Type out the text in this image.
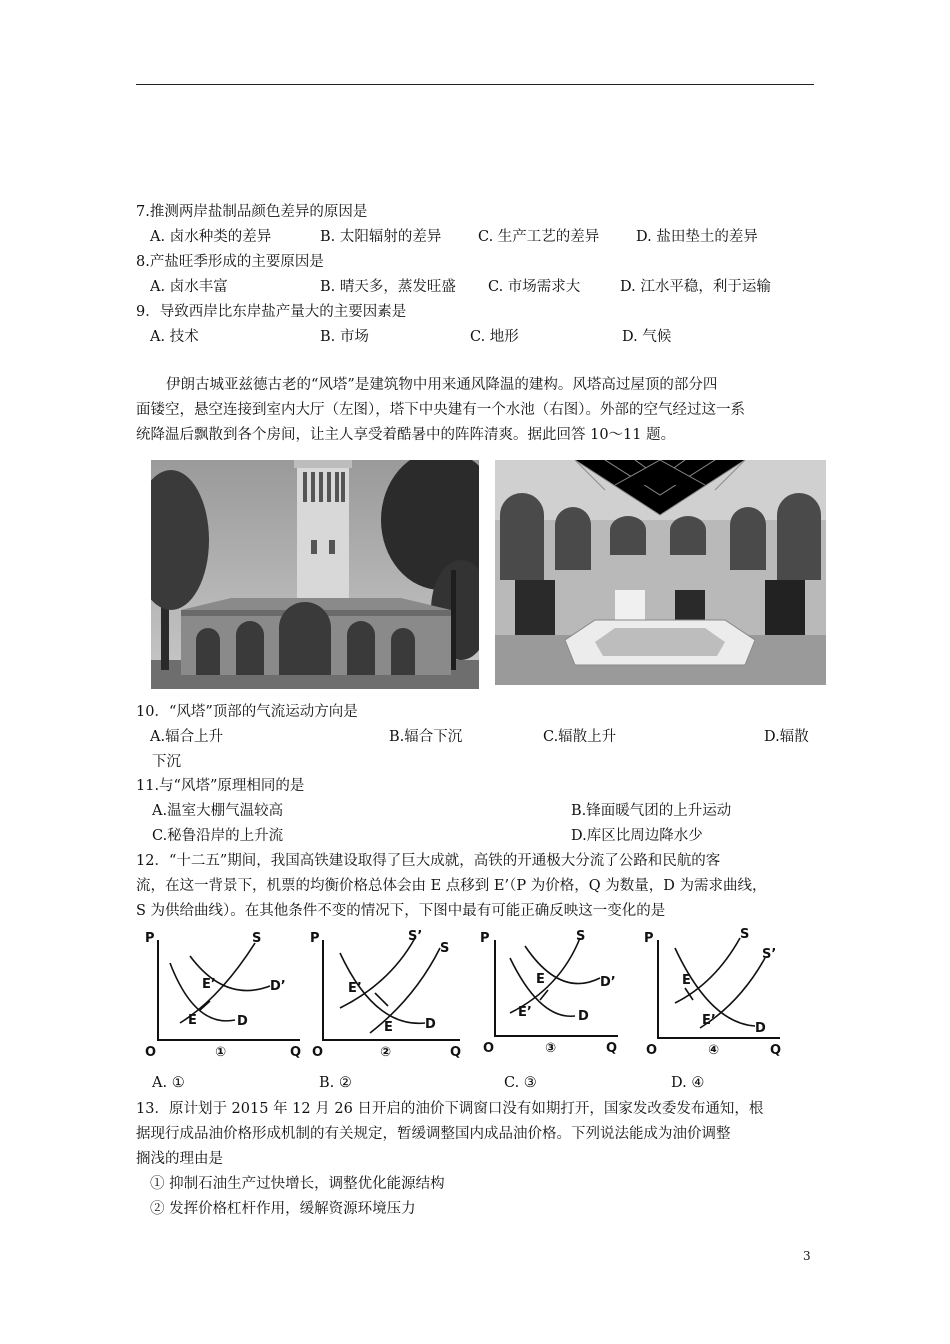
7.推测两岸盐制品颜色差异的原因是
A. 卤水种类的差异	B. 太阳辐射的差异	C. 生产工艺的差异	D. 盐田垫土的差异
8.产盐旺季形成的主要原因是
A. 卤水丰富	B. 晴天多，蒸发旺盛 C. 市场需求大	D. 江水平稳，利于运输
9．导致西岸比东岸盐产量大的主要因素是
A. 技术	B. 市场	C. 地形	D. 气候
伊朗古城亚兹德古老的“风塔”是建筑物中用来通风降温的建构。风塔高过屋顶的部分四
面镂空，悬空连接到室内大厅（左图），塔下中央建有一个水池（右图）。外部的空气经过这一系
统降温后飘散到各个房间，让主人享受着酷暑中的阵阵清爽。据此回答 10～11 题。
10．“风塔”顶部的气流运动方向是
A.辐合上升	B.辐合下沉	C.辐散上升	D.辐散
下沉
11.与“风塔”原理相同的是
A.温室大棚气温较高	B.锋面暖气团的上升运动
C.秘鲁沿岸的上升流	D.库区比周边降水少
12．“十二五”期间，我国高铁建设取得了巨大成就，高铁的开通极大分流了公路和民航的客
流，在这一背景下，机票的均衡价格总体会由 E 点移到 E’（P 为价格，Q 为数量，D 为需求曲线，
S 为供给曲线）。在其他条件不变的情况下，下图中最有可能正确反映这一变化的是
P
Q
O	①
S
D’
D
E’
E
P
Q
O	②
S’
S
D
E’
E
P
Q
O	③
S
D’
D
E
E’
P
Q
O	④
S
S’
D
E
E’
A. ①	B. ②	C. ③	D. ④
13．原计划于 2015 年 12 月 26 日开启的油价下调窗口没有如期打开，国家发改委发布通知，根
据现行成品油价格形成机制的有关规定，暂缓调整国内成品油价格。下列说法能成为油价调整
搁浅的理由是
① 抑制石油生产过快增长，调整优化能源结构
② 发挥价格杠杆作用，缓解资源环境压力
3
